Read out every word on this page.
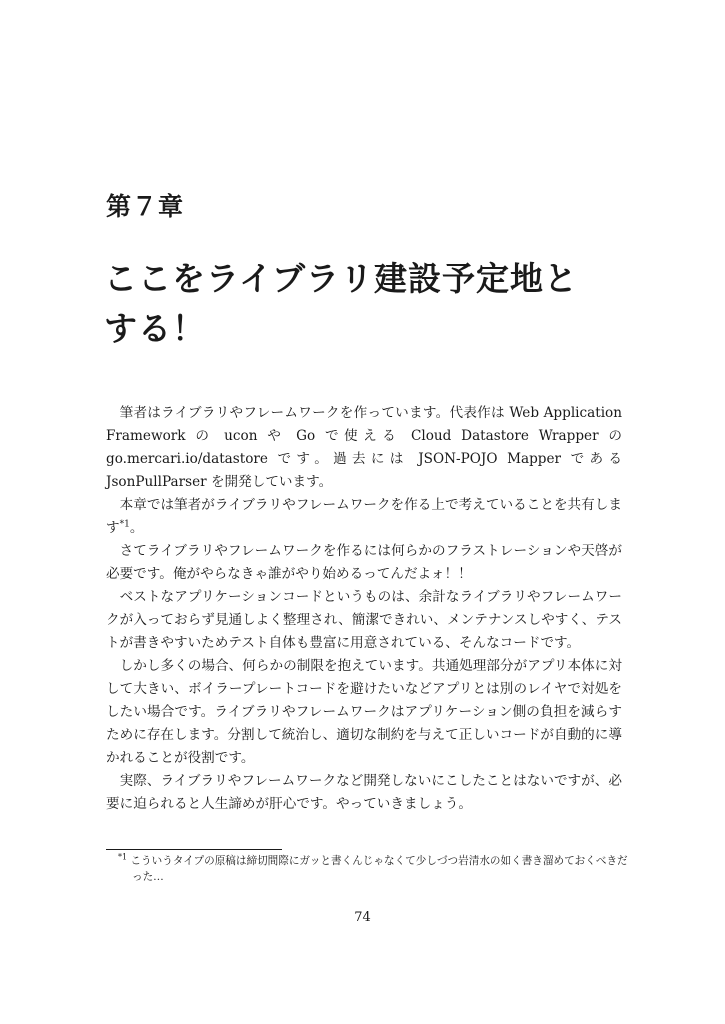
第７章
ここをライブラリ建設予定地とする！

筆者はライブラリやフレームワークを作っています。代表作は Web Application Framework の ucon や Go で使える Cloud Datastore Wrapper の go.mercari.io/datastore です。過去には JSON-POJO Mapper である JsonPullParser を開発しています。

本章では筆者がライブラリやフレームワークを作る上で考えていることを共有します$^{*1}$。

さてライブラリやフレームワークを作るには何らかのフラストレーションや天啓が必要です。俺がやらなきゃ誰がやり始めるってんだよォ！！

ベストなアプリケーションコードというものは、余計なライブラリやフレームワークが入っておらず見通しよく整理され、簡潔できれい、メンテナンスしやすく、テストが書きやすいためテスト自体も豊富に用意されている、そんなコードです。

しかし多くの場合、何らかの制限を抱えています。共通処理部分がアプリ本体に対して大きい、ボイラープレートコードを避けたいなどアプリとは別のレイヤで対処をしたい場合です。ライブラリやフレームワークはアプリケーション側の負担を減らすために存在します。分割して統治し、適切な制約を与えて正しいコードが自動的に導かれることが役割です。

実際、ライブラリやフレームワークなど開発しないにこしたことはないですが、必要に迫られると人生諦めが肝心です。やっていきましょう。

$^{*1}$ こういうタイプの原稿は締切間際にガッと書くんじゃなくて少しづつ岩清水の如く書き溜めておくべきだった…

74
